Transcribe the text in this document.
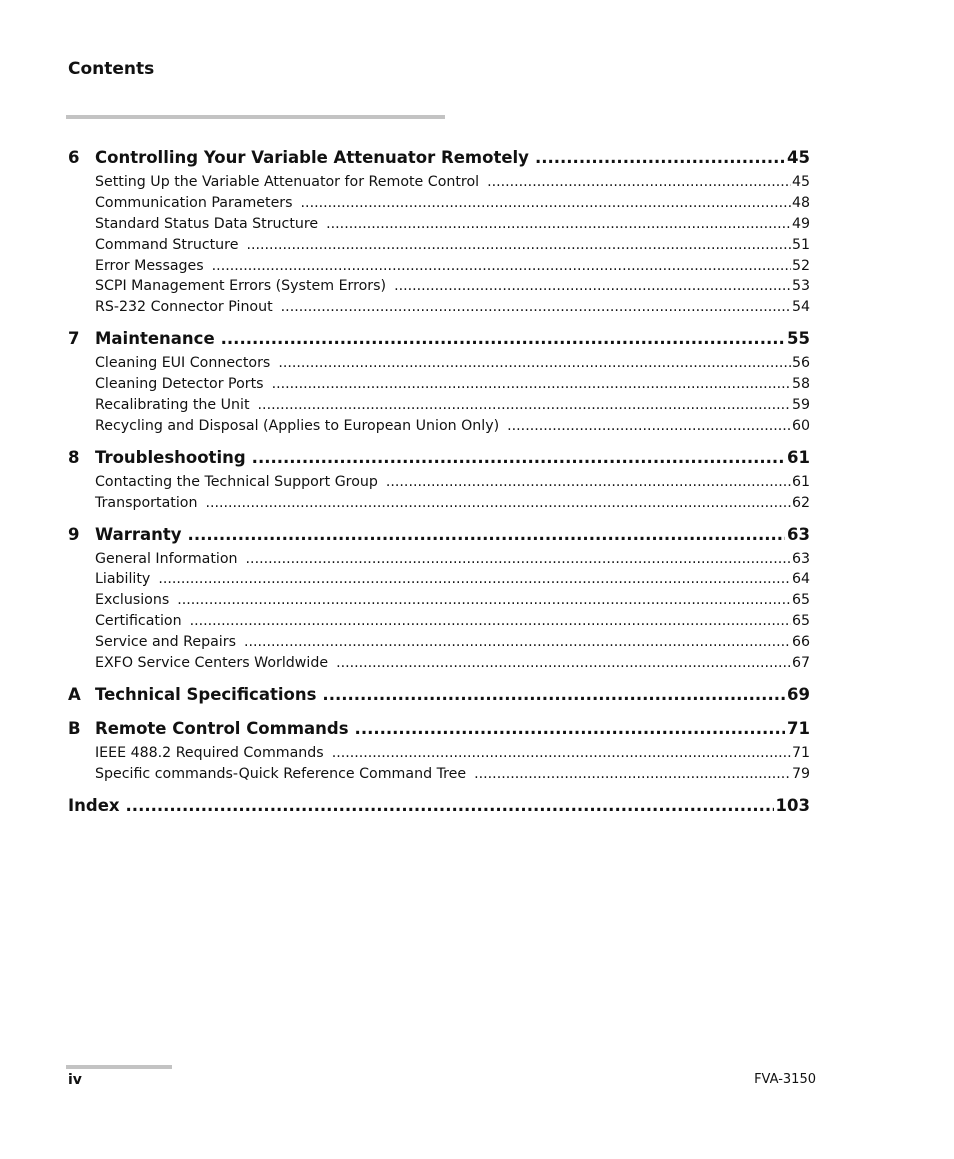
Contents
6 Controlling Your Variable Attenuator Remotely .....	45
Setting Up the Variable Attenuator for Remote Control .....	45
Communication Parameters .....	48
Standard Status Data Structure .....	49
Command Structure .....	51
Error Messages .....	52
SCPI Management Errors (System Errors) .....	53
RS-232 Connector Pinout .....	54
7 Maintenance .....	55
Cleaning EUI Connectors .....	56
Cleaning Detector Ports .....	58
Recalibrating the Unit .....	59
Recycling and Disposal (Applies to European Union Only) .....	60
8 Troubleshooting .....	61
Contacting the Technical Support Group .....	61
Transportation .....	62
9 Warranty .....	63
General Information .....	63
Liability .....	64
Exclusions .....	65
Certification .....	65
Service and Repairs .....	66
EXFO Service Centers Worldwide .....	67
A Technical Specifications .....	69
B Remote Control Commands .....	71
IEEE 488.2 Required Commands .....	71
Specific commands-Quick Reference Command Tree .....	79
Index .....	103
iv	FVA-3150
